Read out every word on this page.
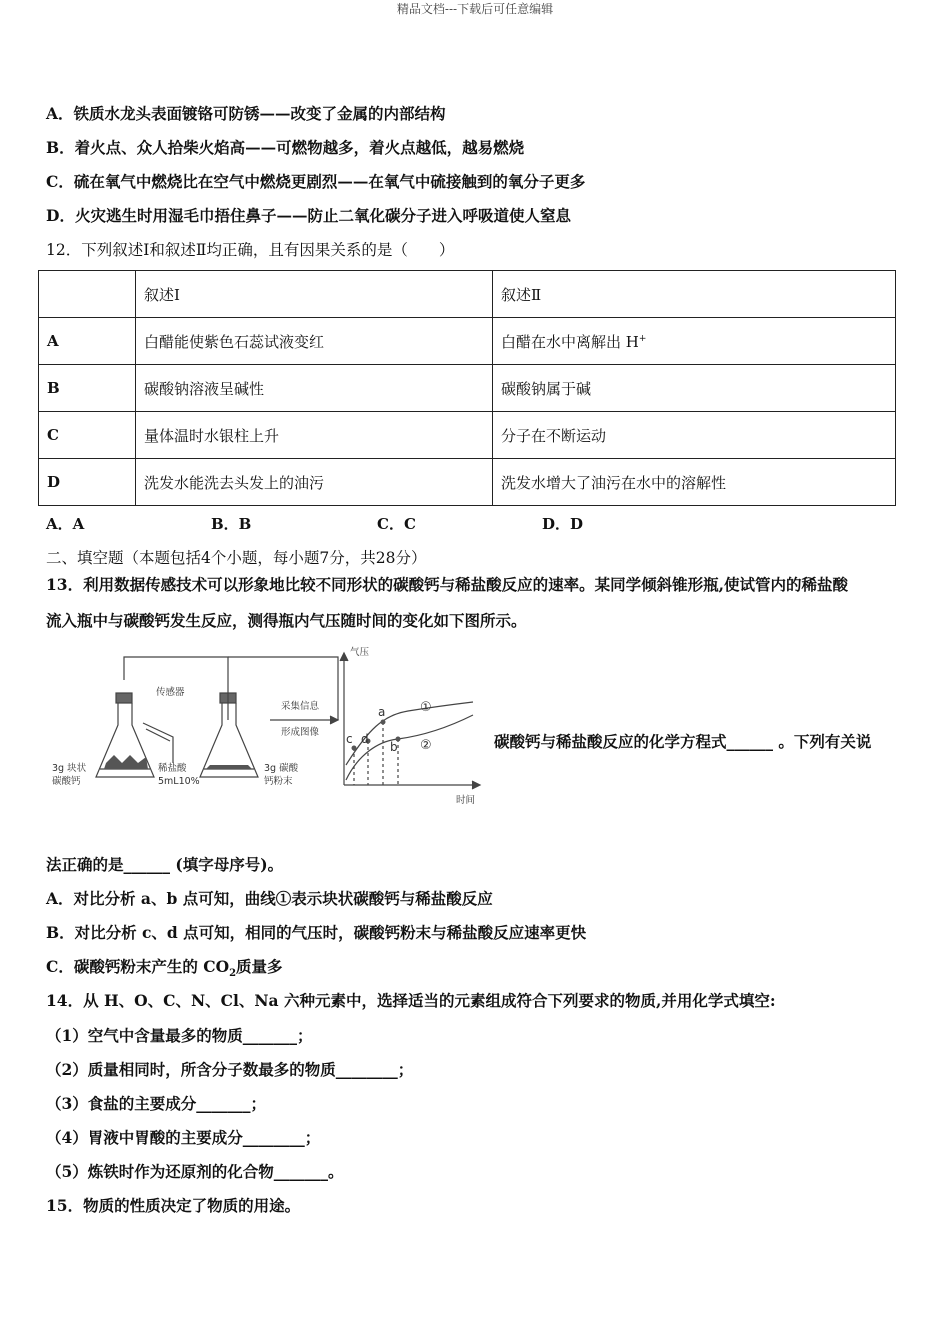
精品文档---下载后可任意编辑
A．铁质水龙头表面镀铬可防锈——改变了金属的内部结构
B．着火点、众人拾柴火焰高——可燃物越多，着火点越低，越易燃烧
C．硫在氧气中燃烧比在空气中燃烧更剧烈——在氧气中硫接触到的氧分子更多
D．火灾逃生时用湿毛巾捂住鼻子——防止二氧化碳分子进入呼吸道使人窒息
12．下列叙述Ⅰ和叙述Ⅱ均正确，且有因果关系的是（　　）
	叙述Ⅰ	叙述Ⅱ
A	白醋能使紫色石蕊试液变红	白醋在水中离解出 H+
B	碳酸钠溶液呈碱性	碳酸钠属于碱
C	量体温时水银柱上升	分子在不断运动
D	洗发水能洗去头发上的油污	洗发水增大了油污在水中的溶解性
A．A	B．B	C．C	D．D
二、填空题（本题包括4个小题，每小题7分，共28分）
13．利用数据传感技术可以形象地比较不同形状的碳酸钙与稀盐酸反应的速率。某同学倾斜锥形瓶,使试管内的稀盐酸
流入瓶中与碳酸钙发生反应，测得瓶内气压随时间的变化如下图所示。
传感器
采集信息
形成图像
3g 块状
碳酸钙
稀盐酸
5mL10%
3g 碳酸
钙粉末
气压
时间
①
②
a
b
c d	碳酸钙与稀盐酸反应的化学方程式______ 。下列有关说
法正确的是______ (填字母序号)。
A．对比分析 a、b 点可知，曲线①表示块状碳酸钙与稀盐酸反应
B．对比分析 c、d 点可知，相同的气压时，碳酸钙粉末与稀盐酸反应速率更快
C．碳酸钙粉末产生的 $CO_2$质量多
14．从 H、O、C、N、Cl、Na 六种元素中，选择适当的元素组成符合下列要求的物质,并用化学式填空:
（1）空气中含量最多的物质_______；
（2）质量相同时，所含分子数最多的物质________；
（3）食盐的主要成分_______；
（4）胃液中胃酸的主要成分________；
（5）炼铁时作为还原剂的化合物_______。
15．物质的性质决定了物质的用途。
